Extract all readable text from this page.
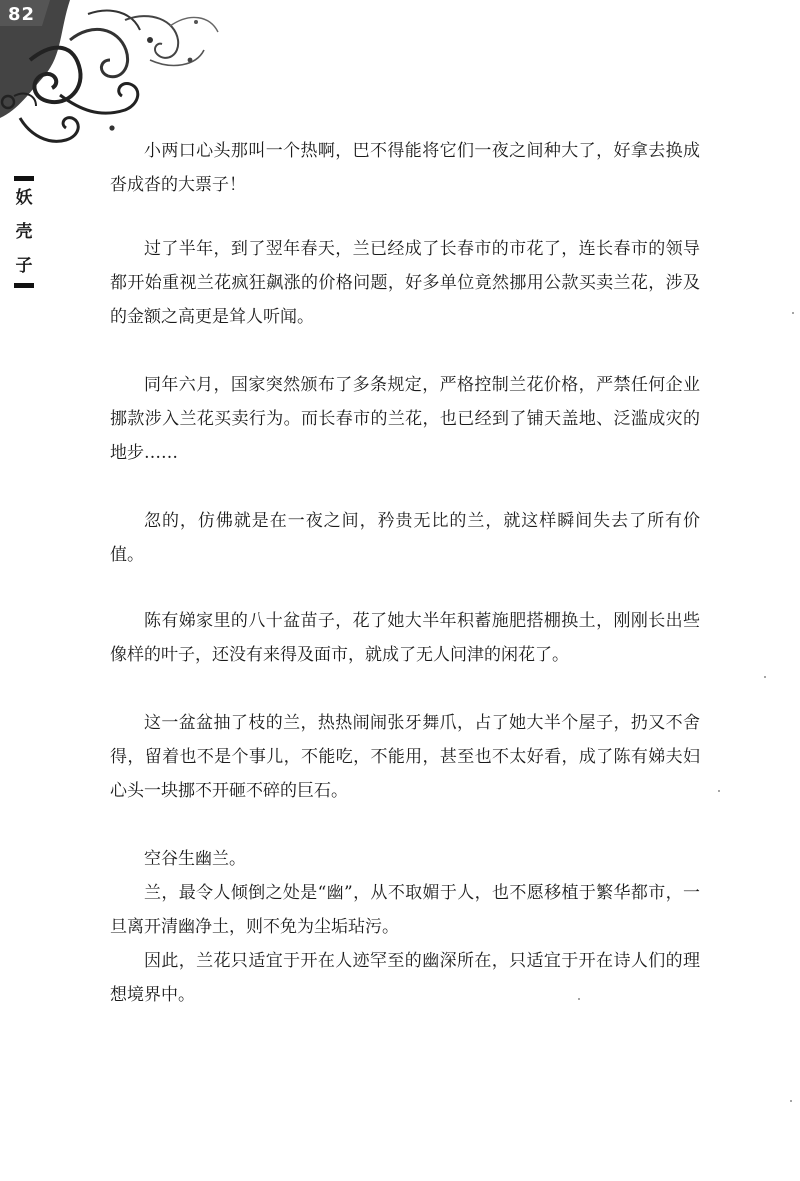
82
妖
壳
子

小两口心头那叫一个热啊，巴不得能将它们一夜之间种大了，好拿去换成沓成沓的大票子！

过了半年，到了翌年春天，兰已经成了长春市的市花了，连长春市的领导都开始重视兰花疯狂飙涨的价格问题，好多单位竟然挪用公款买卖兰花，涉及的金额之高更是耸人听闻。

同年六月，国家突然颁布了多条规定，严格控制兰花价格，严禁任何企业挪款涉入兰花买卖行为。而长春市的兰花，也已经到了铺天盖地、泛滥成灾的地步……

忽的，仿佛就是在一夜之间，矜贵无比的兰，就这样瞬间失去了所有价值。

陈有娣家里的八十盆苗子，花了她大半年积蓄施肥搭棚换土，刚刚长出些像样的叶子，还没有来得及面市，就成了无人问津的闲花了。

这一盆盆抽了枝的兰，热热闹闹张牙舞爪，占了她大半个屋子，扔又不舍得，留着也不是个事儿，不能吃，不能用，甚至也不太好看，成了陈有娣夫妇心头一块挪不开砸不碎的巨石。

空谷生幽兰。

兰，最令人倾倒之处是“幽”，从不取媚于人，也不愿移植于繁华都市，一旦离开清幽净土，则不免为尘垢玷污。

因此，兰花只适宜于开在人迹罕至的幽深所在，只适宜于开在诗人们的理想境界中。
